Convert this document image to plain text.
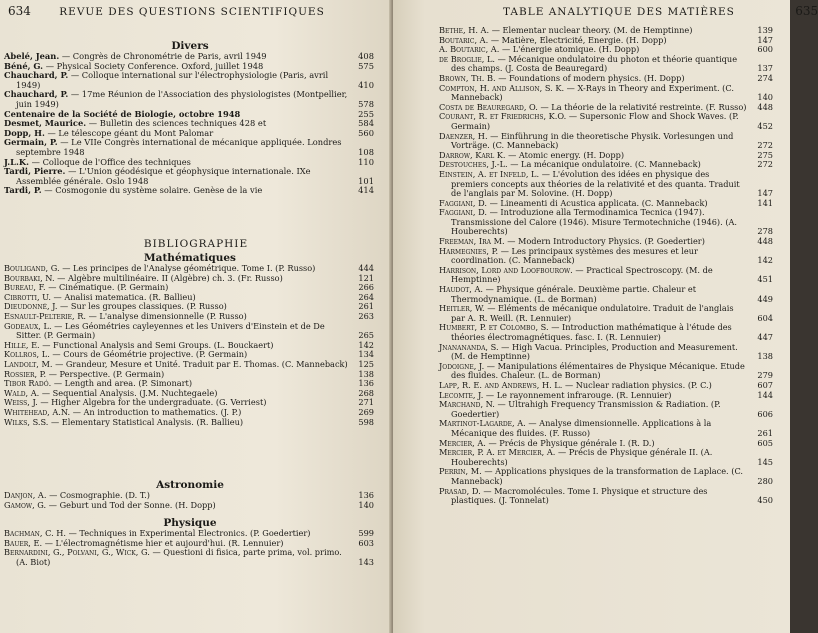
634	REVUE DES QUESTIONS SCIENTIFIQUES
Divers
Abelé, Jean. — Congrès de Chronométrie de Paris, avril 1949	408
Béné, G. — Physical Society Conference. Oxford, juillet 1948	575
Chauchard, P. — Colloque international sur l'électrophysiologie (Paris, avril 1949)	410
Chauchard, P. — 17me Réunion de l'Association des physiologistes (Montpellier, juin 1949)	578
Centenaire de la Société de Biologie, octobre 1948	255
Desmet, Maurice. — Bulletin des sciences techniques 428 et	584
Dopp, H. — Le télescope géant du Mont Palomar	560
Germain, P. — Le VIIe Congrès international de mécanique appliquée. Londres septembre 1948	108
J.L.K. — Colloque de l'Office des techniques	110
Tardi, Pierre. — L'Union géodésique et géophysique internationale. IXe Assemblée générale. Oslo 1948	101
Tardi, P. — Cosmogonie du système solaire. Genèse de la vie	414
BIBLIOGRAPHIE
Mathématiques
Bouligand, G. — Les principes de l'Analyse géométrique. Tome I. (P. Russo)	444
Bourbaki, N. — Algèbre multilinéaire. II (Algèbre) ch. 3. (Fr. Russo)	121
Bureau, F. — Cinématique. (P. Germain)	266
Cibrotti, U. — Analisi matematica. (R. Ballieu)	264
Dieudonné, J. — Sur les groupes classiques. (P. Russo)	261
Esnault-Pelterie, R. — L'analyse dimensionnelle (P. Russo)	263
Godeaux, L. — Les Géométries cayleyennes et les Univers d'Einstein et de De Sitter. (P. Germain)	265
Hille, E. — Functional Analysis and Semi Groups. (L. Bouckaert)	142
Kollros, L. — Cours de Géométrie projective. (P. Germain)	134
Landolt, M. — Grandeur, Mesure et Unité. Traduit par E. Thomas. (C. Manneback) 125
Rossier, P. — Perspective. (P. Germain)	138
Tibor Radó. — Length and area. (P. Simonart)	136
Wald, A. — Sequential Analysis. (J.M. Nuchtegaele)	268
Weiss, J. — Higher Algebra for the undergraduate. (G. Verriest)	271
Whitehead, A.N. — An introduction to mathematics. (J. P.)	269
Wilks, S.S. — Elementary Statistical Analysis. (R. Ballieu)	598
Astronomie
Danjon, A. — Cosmographie. (D. T.)	136
Gamow, G. — Geburt und Tod der Sonne. (H. Dopp)	140
Physique
Bachman, C. H. — Techniques in Experimental Electronics. (P. Goedertier)	599
Bauer, E. — L'électromagnétisme hier et aujourd'hui. (R. Lennuier)	603
Bernardini, G., Polvani, G., Wick, G. — Questioni di fisica, parte prima, vol. primo. (A. Biot)	143
TABLE ANALYTIQUE DES MATIÈRES	635
Bethe, H. A. — Elementar nuclear theory. (M. de Hemptinne)	139
Boutaric, A. — Matière, Electricité, Energie. (H. Dopp)	147
A. Boutaric, A. — L'énergie atomique. (H. Dopp)	600
de Broglie, L. — Mécanique ondulatoire du photon et théorie quantique des champs. (J. Costa de Beauregard)	137
Brown, Th. B. — Foundations of modern physics. (H. Dopp)	274
Compton, H. and Allison, S. K. — X-Rays in Theory and Experiment. (C. Manneback)	140
Costa de Beauregard, O. — La théorie de la relativité restreinte. (F. Russo) 448
Courant, R. et Friedrichs, K.O. — Supersonic Flow and Shock Waves. (P. Germain)	452
Daenzer, H. — Einführung in die theoretische Physik. Vorlesungen und Vorträge. (C. Manneback)	272
Darrow, Karl K. — Atomic energy. (H. Dopp)	275
Destouches, J.-L. — La mécanique ondulatoire. (C. Manneback)	272
Einstein, A. et Infeld, L. — L'évolution des idées en physique des premiers concepts aux théories de la relativité et des quanta. Traduit de l'anglais par M. Solovine. (H. Dopp)	147
Faggiani, D. — Lineamenti di Acustica applicata. (C. Manneback)	141
Faggiani, D. — Introduzione alla Termodinamica Tecnica (1947). Transmissione del Calore (1946). Misure Termotechniche (1946). (A. Houberechts)	278
Freeman, Ira M. — Modern Introductory Physics. (P. Goedertier)	448
Harmegnies, P. — Les principaux systèmes des mesures et leur coordination. (C. Manneback)	142
Harrison, Lord and Loofbourow. — Practical Spectroscopy. (M. de Hemptinne)	451
Haudot, A. — Physique générale. Deuxième partie. Chaleur et Thermodynamique. (L. de Borman)	449
Heitler, W. — Eléments de mécanique ondulatoire. Traduit de l'anglais par A. R. Weill. (R. Lennuier)	604
Humbert, P. et Colombo, S. — Introduction mathématique à l'étude des théories électromagnétiques. fasc. I. (R. Lennuier)	447
Jnanananda, S. — High Vacua. Principles, Production and Measurement. (M. de Hemptinne)	138
Jodoigne, J. — Manipulations élémentaires de Physique Mécanique. Etude des fluides. Chaleur. (L. de Borman)	279
Lapp, R. E. and Andrews, H. L. — Nuclear radiation physics. (P. C.)	607
Lecomte, J. — Le rayonnement infrarouge. (R. Lennuier)	144
Marchand, N. — Ultrahigh Frequency Transmission & Radiation. (P. Goedertier)	606
Martinot-Lagarde, A. — Analyse dimensionnelle. Applications à la Mécanique des fluides. (F. Russo)	261
Mercier, A. — Précis de Physique générale I. (R. D.)	605
Mercier, P. A. et Mercier, A. — Précis de Physique générale II. (A. Houberechts)	145
Perrin, M. — Applications physiques de la transformation de Laplace. (C. Manneback)	280
Prasad, D. — Macromolécules. Tome I. Physique et structure des plastiques. (J. Tonnelat)	450
